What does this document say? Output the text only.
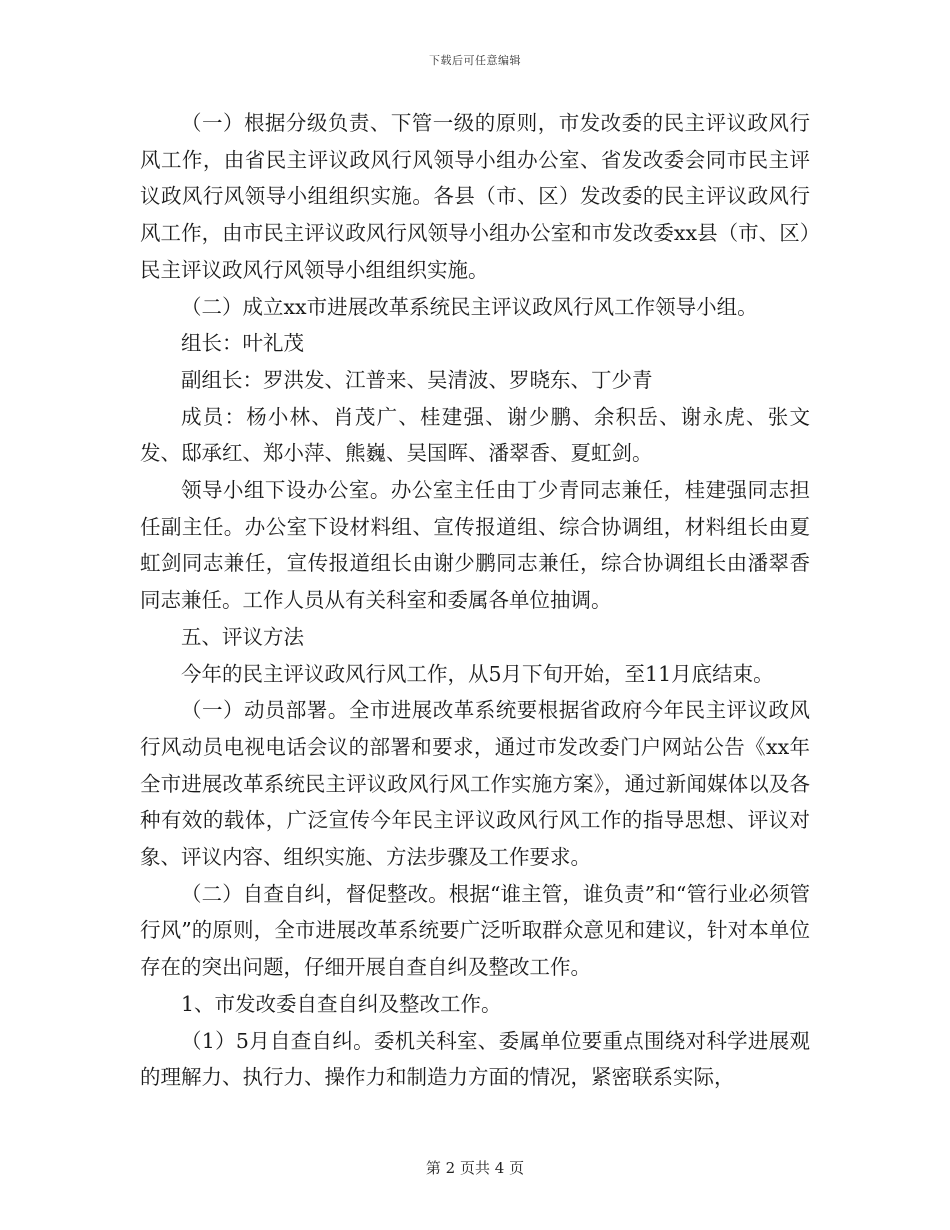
下载后可任意编辑

（一）根据分级负责、下管一级的原则，市发改委的民主评议政风行风工作，由省民主评议政风行风领导小组办公室、省发改委会同市民主评议政风行风领导小组组织实施。各县（市、区）发改委的民主评议政风行风工作，由市民主评议政风行风领导小组办公室和市发改委xx县（市、区）民主评议政风行风领导小组组织实施。

（二）成立xx市进展改革系统民主评议政风行风工作领导小组。

组长：叶礼茂

副组长：罗洪发、江普来、吴清波、罗晓东、丁少青

成员：杨小林、肖茂广、桂建强、谢少鹏、余积岳、谢永虎、张文发、邸承红、郑小萍、熊巍、吴国晖、潘翠香、夏虹剑。

领导小组下设办公室。办公室主任由丁少青同志兼任，桂建强同志担任副主任。办公室下设材料组、宣传报道组、综合协调组，材料组长由夏虹剑同志兼任，宣传报道组长由谢少鹏同志兼任，综合协调组长由潘翠香同志兼任。工作人员从有关科室和委属各单位抽调。

五、评议方法

今年的民主评议政风行风工作，从5月下旬开始，至11月底结束。

（一）动员部署。全市进展改革系统要根据省政府今年民主评议政风行风动员电视电话会议的部署和要求，通过市发改委门户网站公告《xx年全市进展改革系统民主评议政风行风工作实施方案》，通过新闻媒体以及各种有效的载体，广泛宣传今年民主评议政风行风工作的指导思想、评议对象、评议内容、组织实施、方法步骤及工作要求。

（二）自查自纠，督促整改。根据“谁主管，谁负责”和“管行业必须管行风”的原则，全市进展改革系统要广泛听取群众意见和建议，针对本单位存在的突出问题，仔细开展自查自纠及整改工作。

1、市发改委自查自纠及整改工作。

（1）5月自查自纠。委机关科室、委属单位要重点围绕对科学进展观的理解力、执行力、操作力和制造力方面的情况，紧密联系实际，

第 2 页共 4 页
